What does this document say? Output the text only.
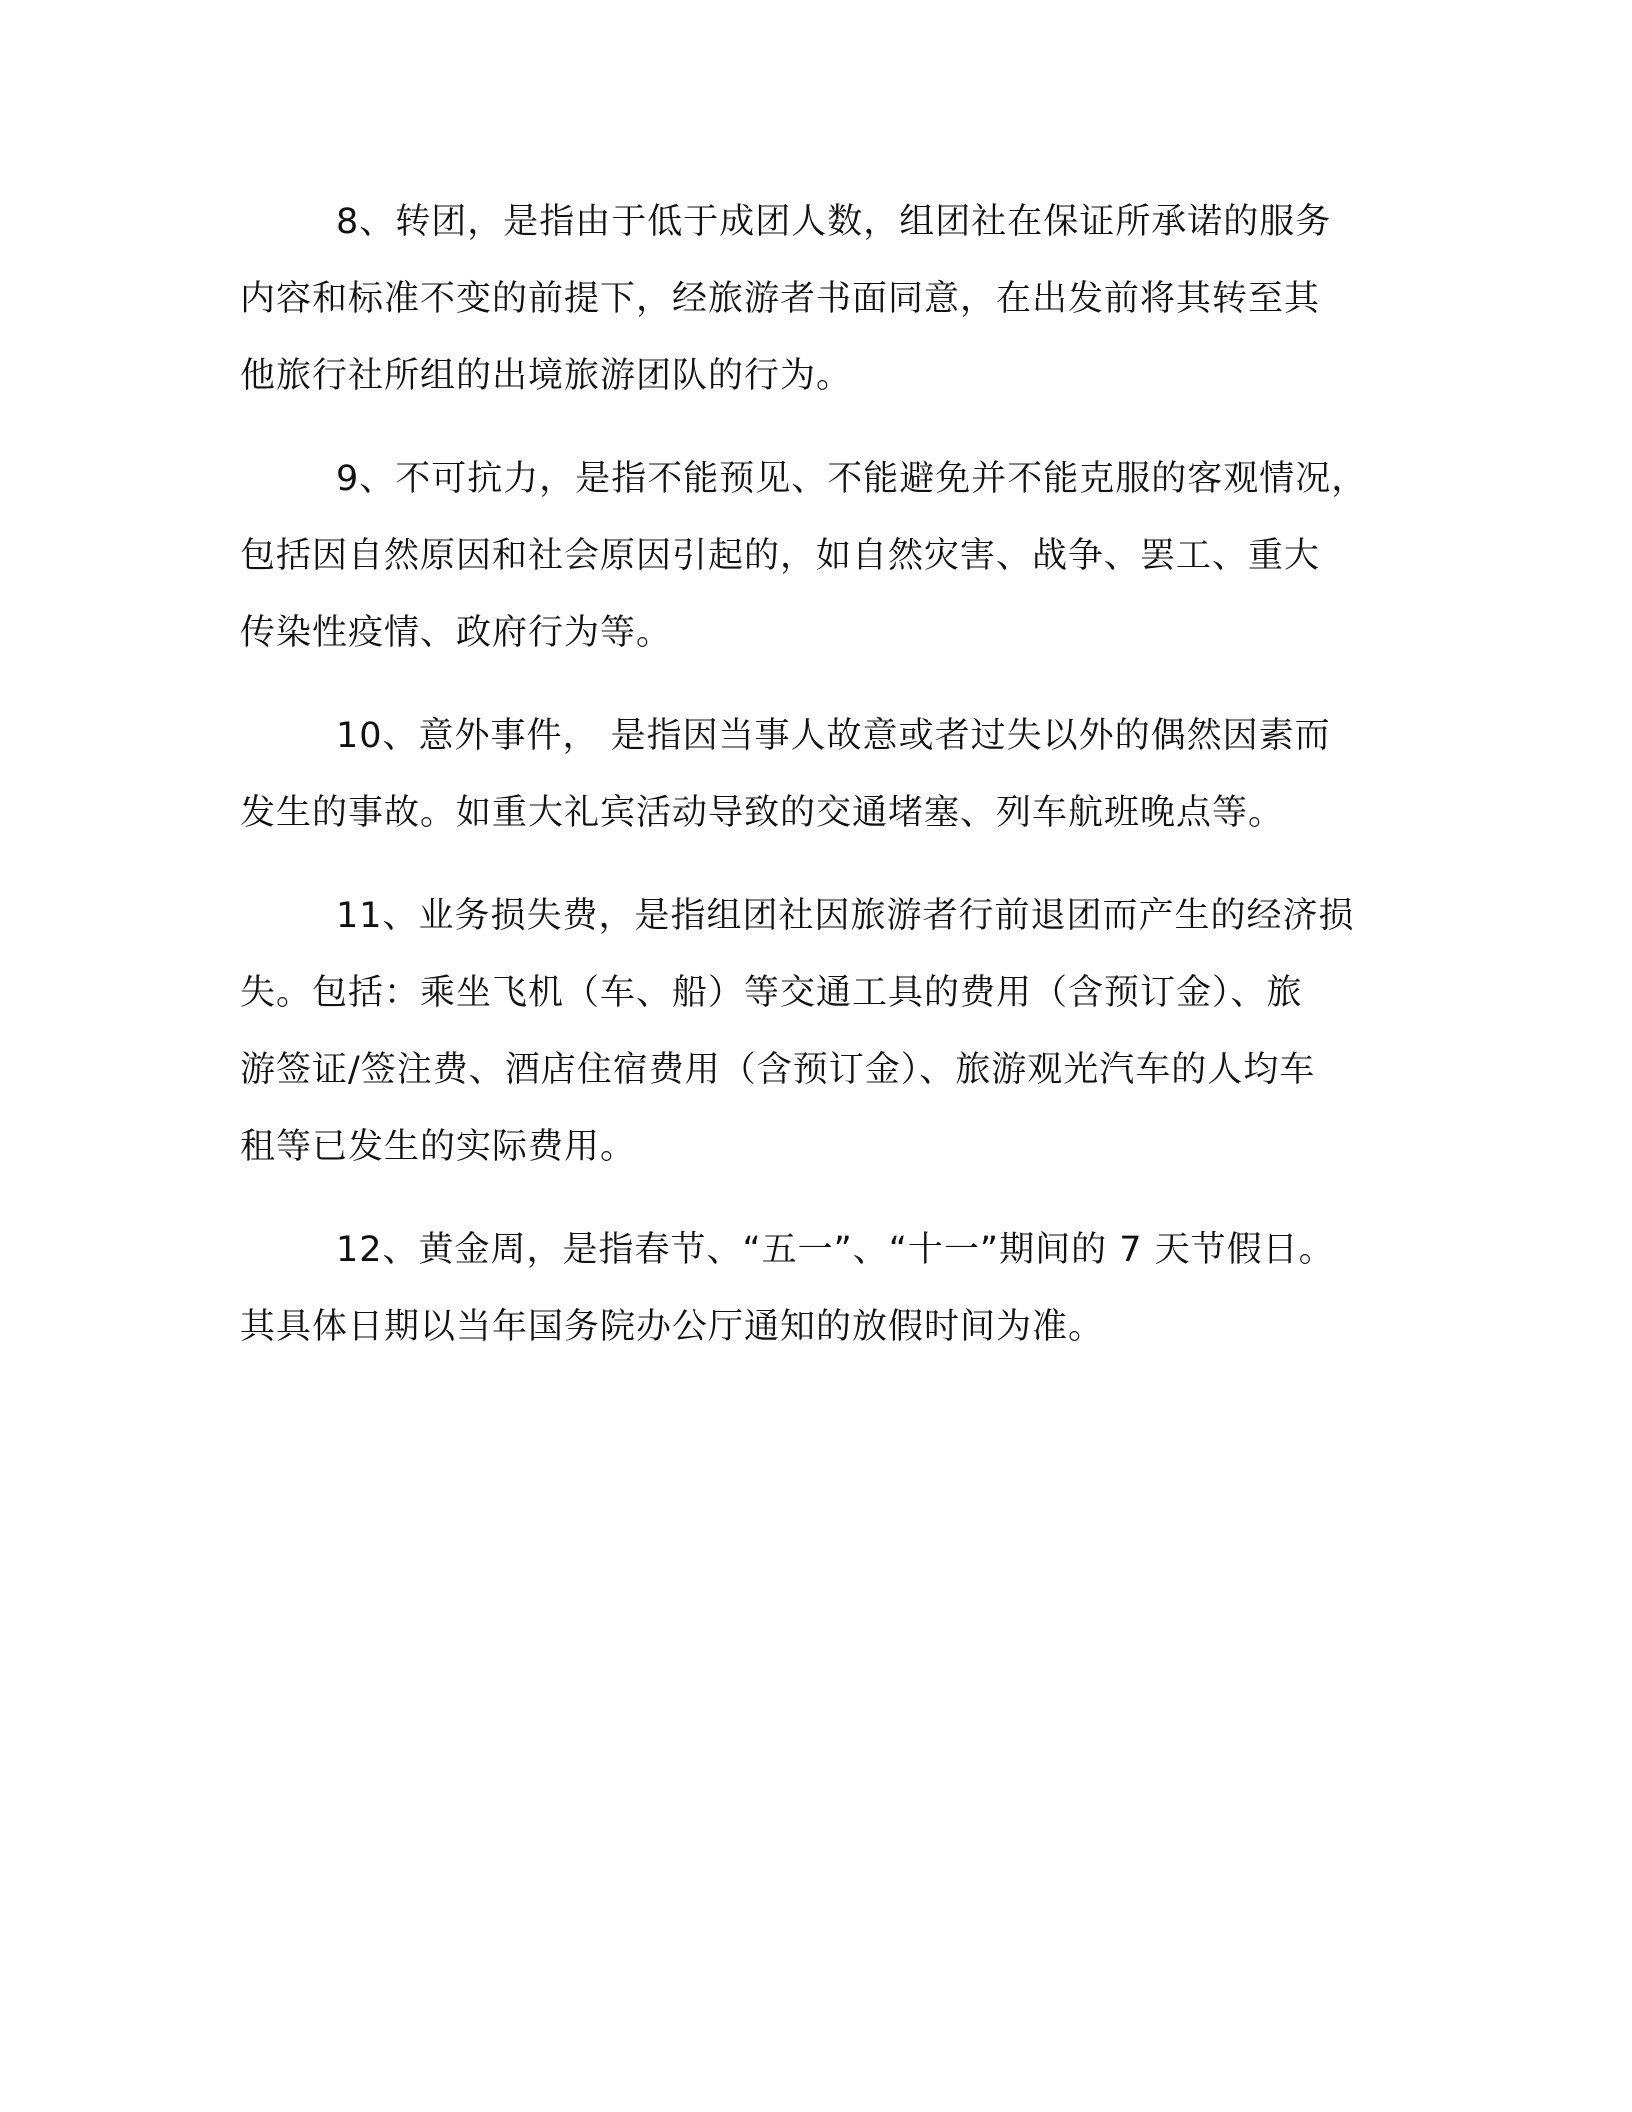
8、转团，是指由于低于成团人数，组团社在保证所承诺的服务
内容和标准不变的前提下，经旅游者书面同意，在出发前将其转至其
他旅行社所组的出境旅游团队的行为。
9、不可抗力，是指不能预见、不能避免并不能克服的客观情况，
包括因自然原因和社会原因引起的，如自然灾害、战争、罢工、重大
传染性疫情、政府行为等。
10、意外事件， 是指因当事人故意或者过失以外的偶然因素而
发生的事故。如重大礼宾活动导致的交通堵塞、列车航班晚点等。
11、业务损失费，是指组团社因旅游者行前退团而产生的经济损
失。包括：乘坐飞机（车、船）等交通工具的费用（含预订金）、旅
游签证/签注费、酒店住宿费用（含预订金）、旅游观光汽车的人均车
租等已发生的实际费用。
12、黄金周，是指春节、“五一”、“十一”期间的 7 天节假日。
其具体日期以当年国务院办公厅通知的放假时间为准。
